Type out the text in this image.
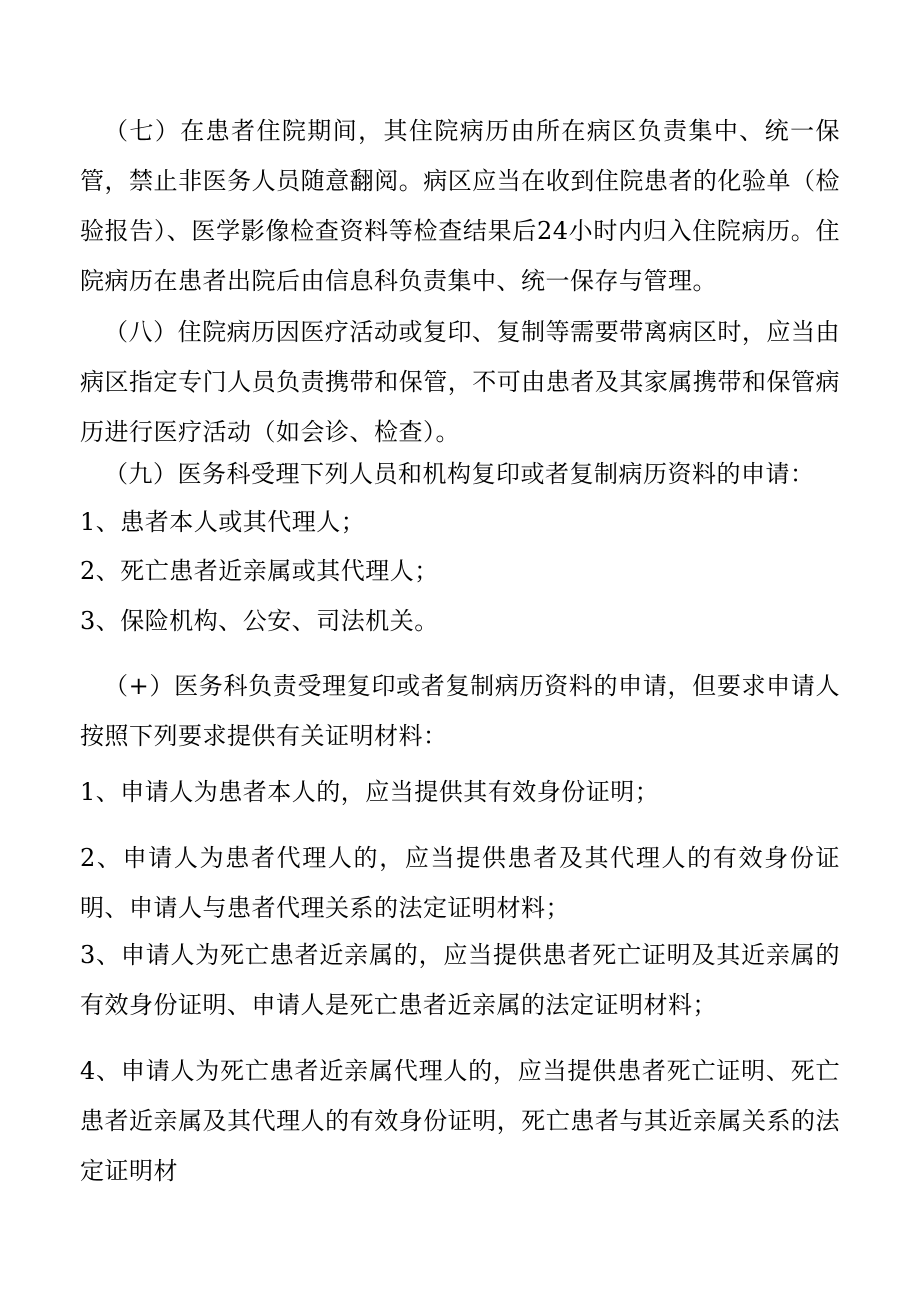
（七）在患者住院期间，其住院病历由所在病区负责集中、统一保管，禁止非医务人员随意翻阅。病区应当在收到住院患者的化验单（检验报告）、医学影像检查资料等检查结果后24小时内归入住院病历。住院病历在患者出院后由信息科负责集中、统一保存与管理。

（八）住院病历因医疗活动或复印、复制等需要带离病区时，应当由病区指定专门人员负责携带和保管，不可由患者及其家属携带和保管病历进行医疗活动（如会诊、检查）。

（九）医务科受理下列人员和机构复印或者复制病历资料的申请：

1、患者本人或其代理人；

2、死亡患者近亲属或其代理人；

3、保险机构、公安、司法机关。

（+）医务科负责受理复印或者复制病历资料的申请，但要求申请人按照下列要求提供有关证明材料：

1、申请人为患者本人的，应当提供其有效身份证明；

2、申请人为患者代理人的，应当提供患者及其代理人的有效身份证明、申请人与患者代理关系的法定证明材料；

3、申请人为死亡患者近亲属的，应当提供患者死亡证明及其近亲属的有效身份证明、申请人是死亡患者近亲属的法定证明材料；

4、申请人为死亡患者近亲属代理人的，应当提供患者死亡证明、死亡患者近亲属及其代理人的有效身份证明，死亡患者与其近亲属关系的法定证明材
